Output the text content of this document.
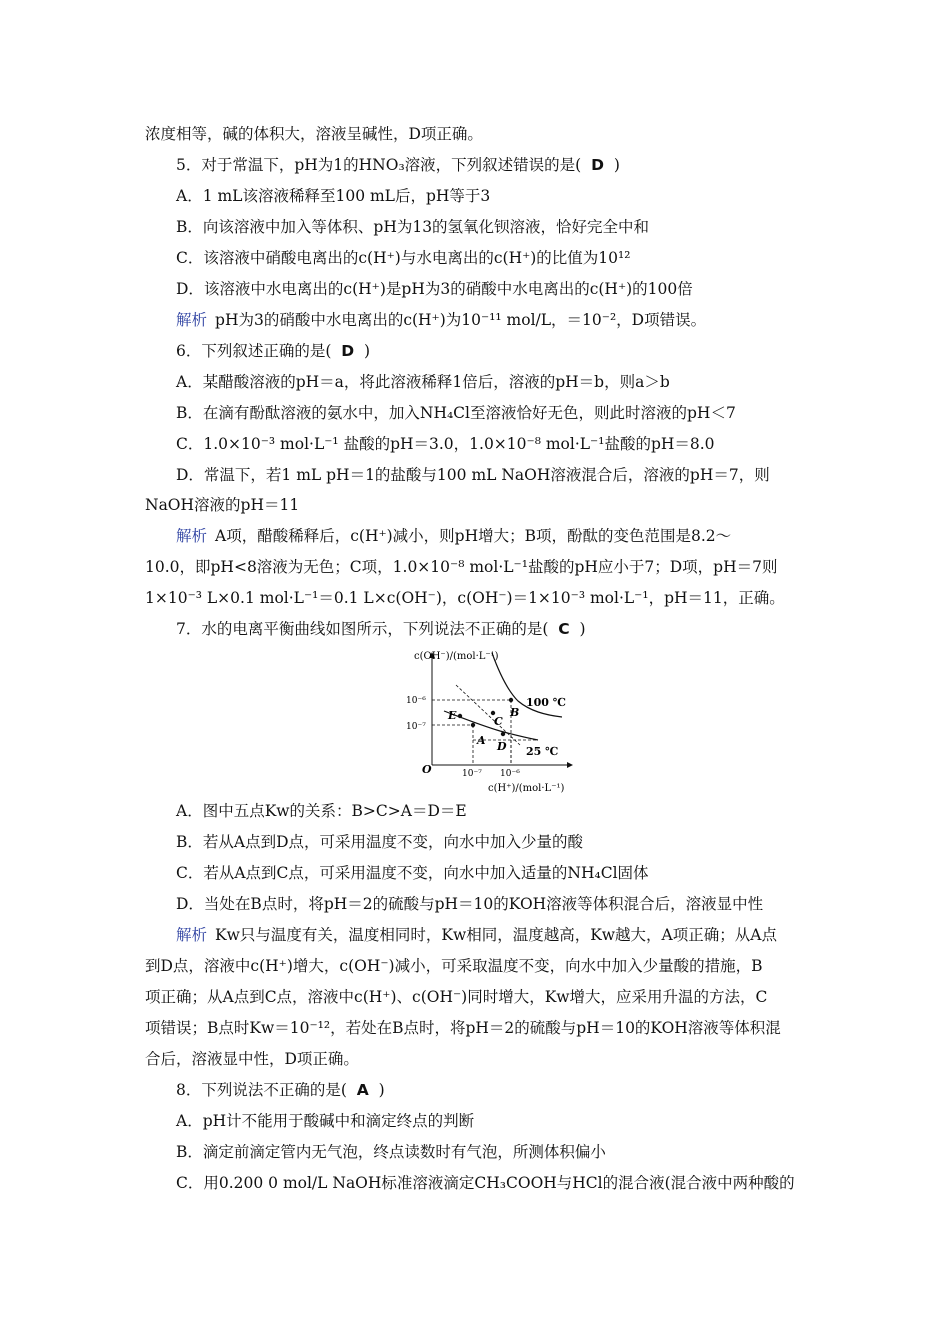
浓度相等，碱的体积大，溶液呈碱性，D项正确。
5．对于常温下，pH为1的HNO₃溶液，下列叙述错误的是( D )
A．1 mL该溶液稀释至100 mL后，pH等于3
B．向该溶液中加入等体积、pH为13的氢氧化钡溶液，恰好完全中和
C．该溶液中硝酸电离出的c(H⁺)与水电离出的c(H⁺)的比值为10¹²
D．该溶液中水电离出的c(H⁺)是pH为3的硝酸中水电离出的c(H⁺)的100倍
解析 pH为3的硝酸中水电离出的c(H⁺)为10⁻¹¹ mol/L，＝10⁻²，D项错误。
6．下列叙述正确的是( D )
A．某醋酸溶液的pH＝a，将此溶液稀释1倍后，溶液的pH＝b，则a＞b
B．在滴有酚酞溶液的氨水中，加入NH₄Cl至溶液恰好无色，则此时溶液的pH＜7
C．1.0×10⁻³ mol·L⁻¹ 盐酸的pH＝3.0，1.0×10⁻⁸ mol·L⁻¹盐酸的pH＝8.0
D．常温下，若1 mL pH＝1的盐酸与100 mL NaOH溶液混合后，溶液的pH＝7，则
NaOH溶液的pH＝11
解析 A项，醋酸稀释后，c(H⁺)减小，则pH增大；B项，酚酞的变色范围是8.2～
10.0，即pH<8溶液为无色；C项，1.0×10⁻⁸ mol·L⁻¹盐酸的pH应小于7；D项，pH＝7则
1×10⁻³ L×0.1 mol·L⁻¹＝0.1 L×c(OH⁻)，c(OH⁻)＝1×10⁻³ mol·L⁻¹，pH＝11，正确。
7．水的电离平衡曲线如图所示，下列说法不正确的是( C )
c(OH⁻)/(mol·L⁻¹)
c(H⁺)/(mol·L⁻¹)
O
10⁻⁶
10⁻⁷
10⁻⁷ 10⁻⁶
100 ℃
25 ℃
A
B
C
D
E
A．图中五点Kw的关系：B>C>A＝D＝E
B．若从A点到D点，可采用温度不变，向水中加入少量的酸
C．若从A点到C点，可采用温度不变，向水中加入适量的NH₄Cl固体
D．当处在B点时，将pH＝2的硫酸与pH＝10的KOH溶液等体积混合后，溶液显中性
解析 Kw只与温度有关，温度相同时，Kw相同，温度越高，Kw越大，A项正确；从A点
到D点，溶液中c(H⁺)增大，c(OH⁻)减小，可采取温度不变，向水中加入少量酸的措施，B
项正确；从A点到C点，溶液中c(H⁺)、c(OH⁻)同时增大，Kw增大，应采用升温的方法，C
项错误；B点时Kw＝10⁻¹²，若处在B点时，将pH＝2的硫酸与pH＝10的KOH溶液等体积混
合后，溶液显中性，D项正确。
8．下列说法不正确的是( A )
A．pH计不能用于酸碱中和滴定终点的判断
B．滴定前滴定管内无气泡，终点读数时有气泡，所测体积偏小
C．用0.200 0 mol/L NaOH标准溶液滴定CH₃COOH与HCl的混合液(混合液中两种酸的
